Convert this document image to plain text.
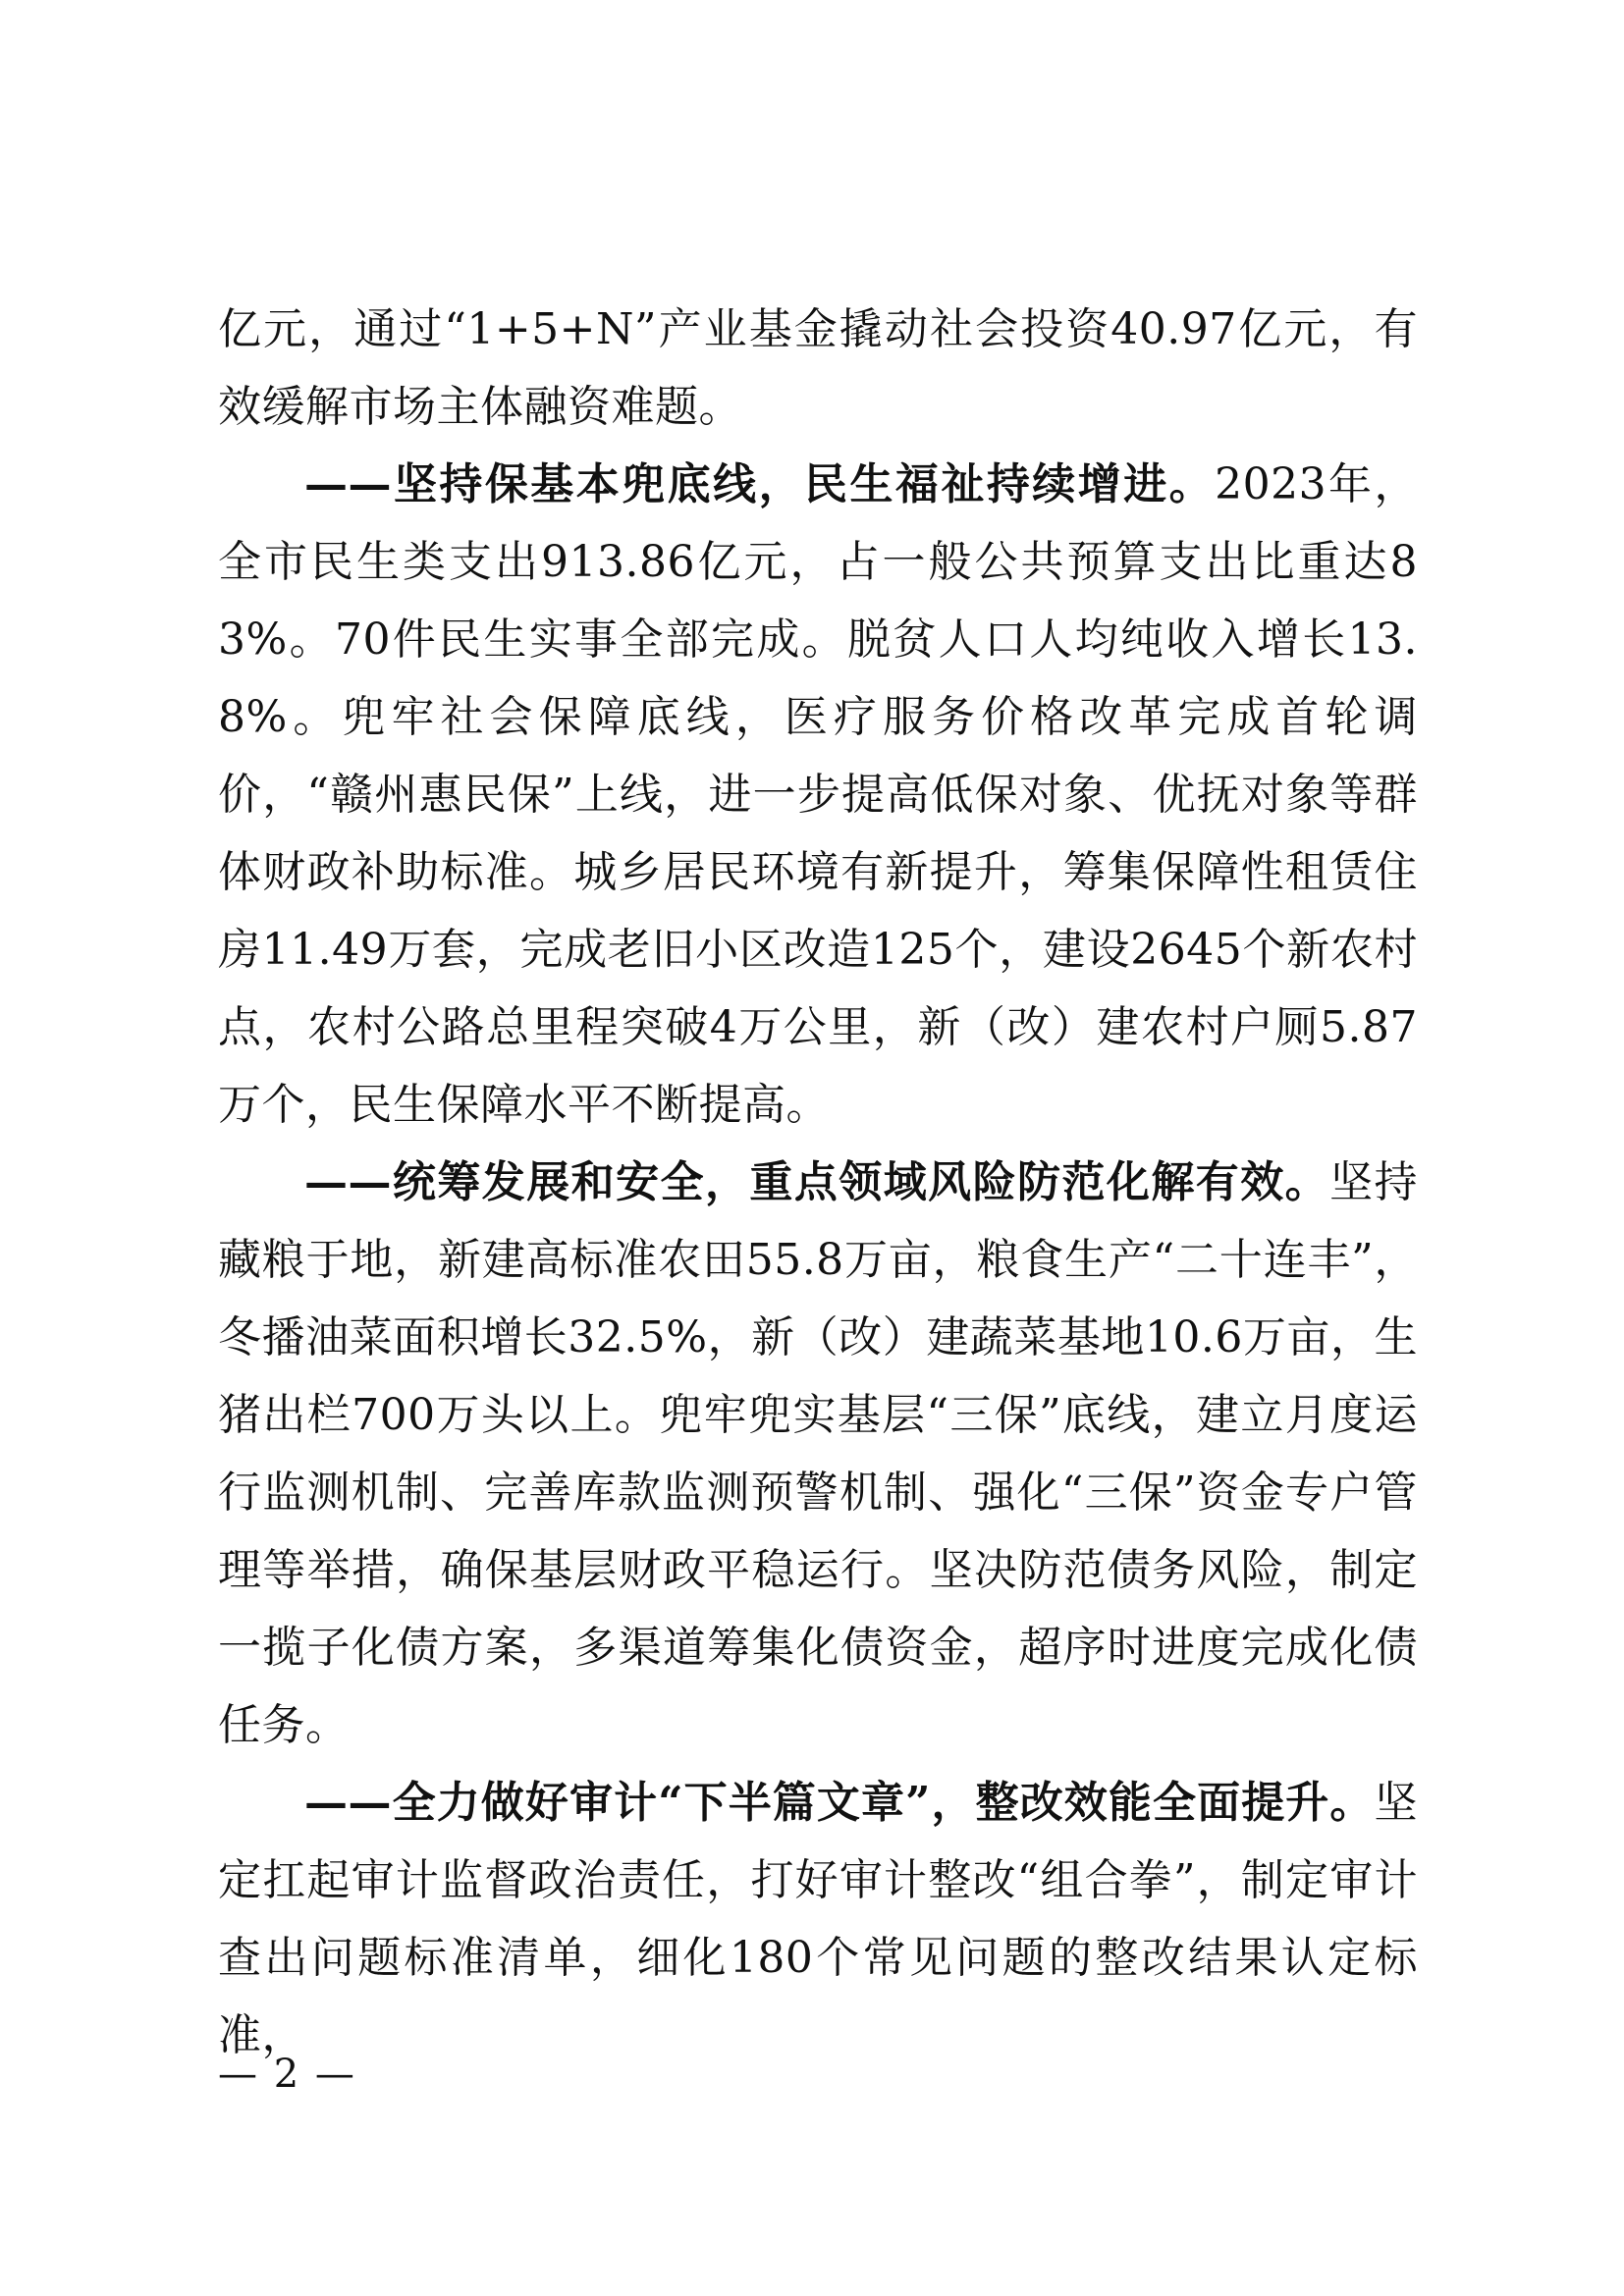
亿元，通过“1+5+N”产业基金撬动社会投资40.97亿元，有效缓解市场主体融资难题。

——坚持保基本兜底线，民生福祉持续增进。2023年，全市民生类支出913.86亿元，占一般公共预算支出比重达83%。70件民生实事全部完成。脱贫人口人均纯收入增长13.8%。兜牢社会保障底线，医疗服务价格改革完成首轮调价，“赣州惠民保”上线，进一步提高低保对象、优抚对象等群体财政补助标准。城乡居民环境有新提升，筹集保障性租赁住房11.49万套，完成老旧小区改造125个，建设2645个新农村点，农村公路总里程突破4万公里，新（改）建农村户厕5.87万个，民生保障水平不断提高。

——统筹发展和安全，重点领域风险防范化解有效。坚持藏粮于地，新建高标准农田55.8万亩，粮食生产“二十连丰”，冬播油菜面积增长32.5%，新（改）建蔬菜基地10.6万亩，生猪出栏700万头以上。兜牢兜实基层“三保”底线，建立月度运行监测机制、完善库款监测预警机制、强化“三保”资金专户管理等举措，确保基层财政平稳运行。坚决防范债务风险，制定一揽子化债方案，多渠道筹集化债资金，超序时进度完成化债任务。

——全力做好审计“下半篇文章”，整改效能全面提升。坚定扛起审计监督政治责任，打好审计整改“组合拳”，制定审计查出问题标准清单，细化180个常见问题的整改结果认定标准，

— 2 —
